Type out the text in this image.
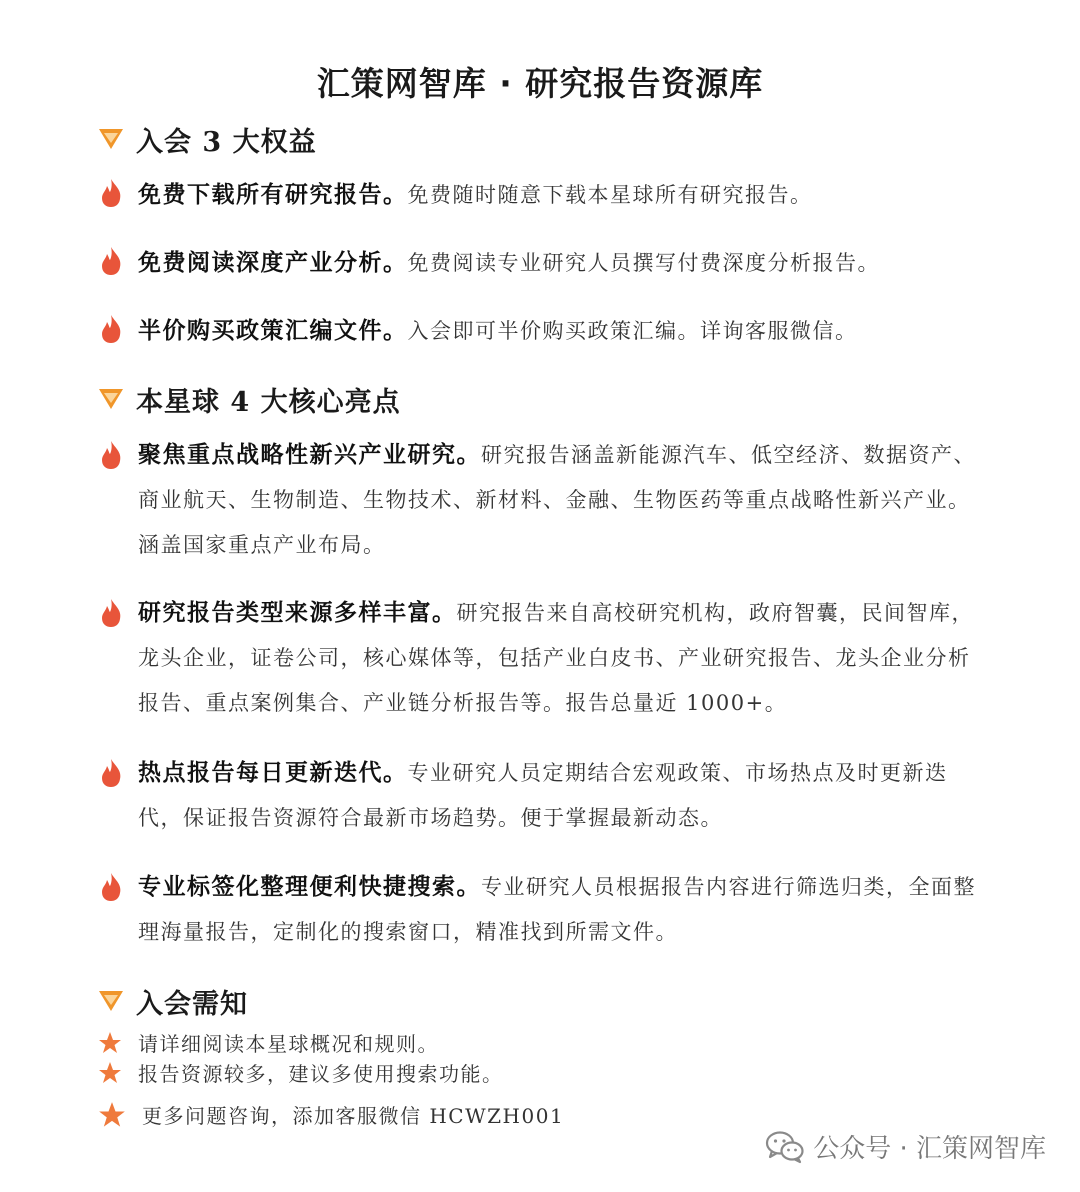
汇策网智库 · 研究报告资源库
入会 3 大权益
免费下载所有研究报告。免费随时随意下载本星球所有研究报告。
免费阅读深度产业分析。免费阅读专业研究人员撰写付费深度分析报告。
半价购买政策汇编文件。入会即可半价购买政策汇编。详询客服微信。
本星球 4 大核心亮点
聚焦重点战略性新兴产业研究。研究报告涵盖新能源汽车、低空经济、数据资产、商业航天、生物制造、生物技术、新材料、金融、生物医药等重点战略性新兴产业。涵盖国家重点产业布局。
研究报告类型来源多样丰富。研究报告来自高校研究机构，政府智囊，民间智库，龙头企业，证卷公司，核心媒体等，包括产业白皮书、产业研究报告、龙头企业分析报告、重点案例集合、产业链分析报告等。报告总量近 1000+。
热点报告每日更新迭代。专业研究人员定期结合宏观政策、市场热点及时更新迭代，保证报告资源符合最新市场趋势。便于掌握最新动态。
专业标签化整理便利快捷搜索。专业研究人员根据报告内容进行筛选归类，全面整理海量报告，定制化的搜索窗口，精准找到所需文件。
入会需知
请详细阅读本星球概况和规则。
报告资源较多，建议多使用搜索功能。
更多问题咨询，添加客服微信 HCWZH001
公众号 · 汇策网智库
